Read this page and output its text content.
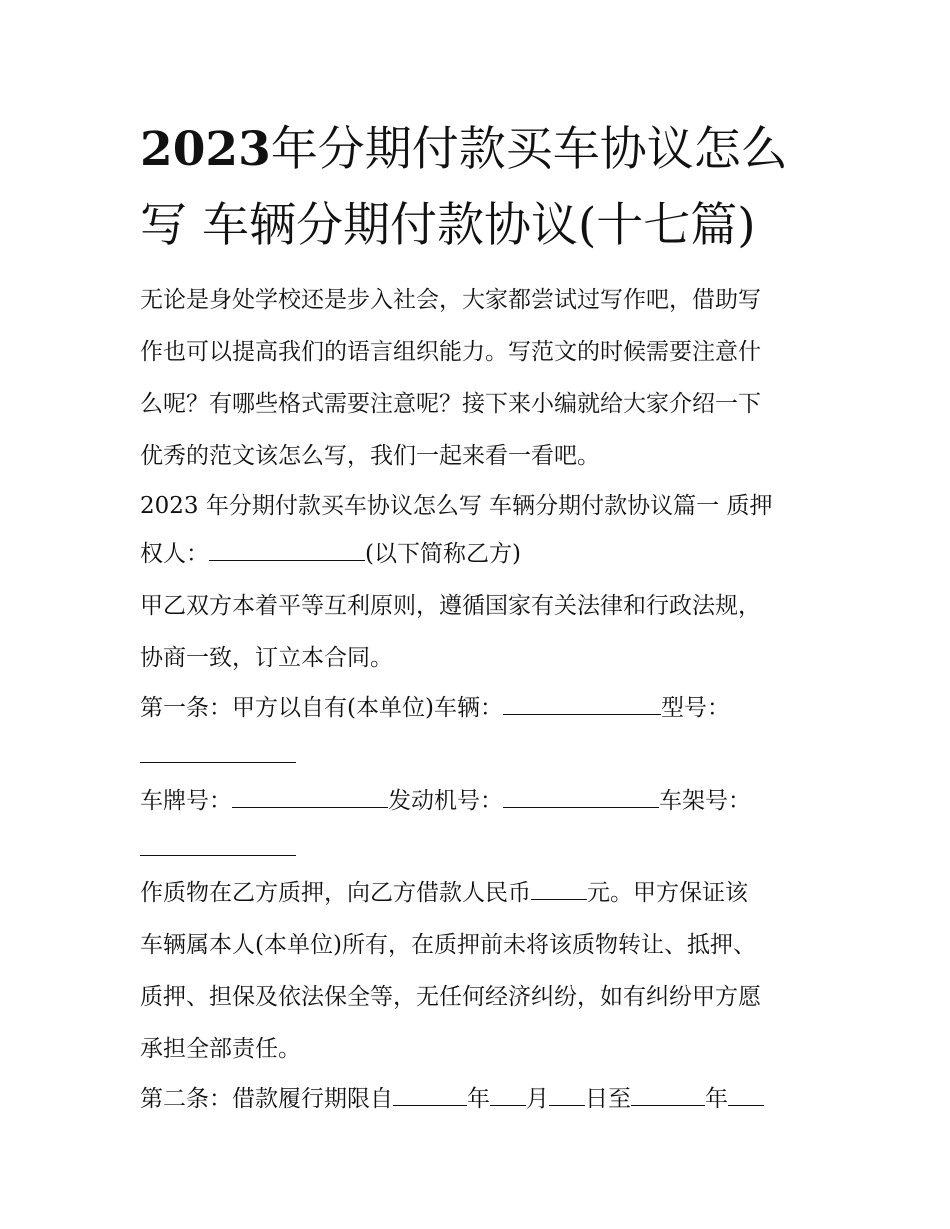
2023年分期付款买车协议怎么
写 车辆分期付款协议(十七篇)
无论是身处学校还是步入社会，大家都尝试过写作吧，借助写
作也可以提高我们的语言组织能力。写范文的时候需要注意什
么呢？有哪些格式需要注意呢？接下来小编就给大家介绍一下
优秀的范文该怎么写，我们一起来看一看吧。
2023 年分期付款买车协议怎么写 车辆分期付款协议篇一 质押
权人：	(以下简称乙方)
甲乙双方本着平等互利原则，遵循国家有关法律和行政法规，
协商一致，订立本合同。
第一条：甲方以自有(本单位)车辆：	型号：
车牌号：	发动机号：	车架号：
作质物在乙方质押，向乙方借款人民币 元。甲方保证该
车辆属本人(本单位)所有，在质押前未将该质物转让、抵押、
质押、担保及依法保全等，无任何经济纠纷，如有纠纷甲方愿
承担全部责任。
第二条：借款履行期限自	年 月 日至	年
